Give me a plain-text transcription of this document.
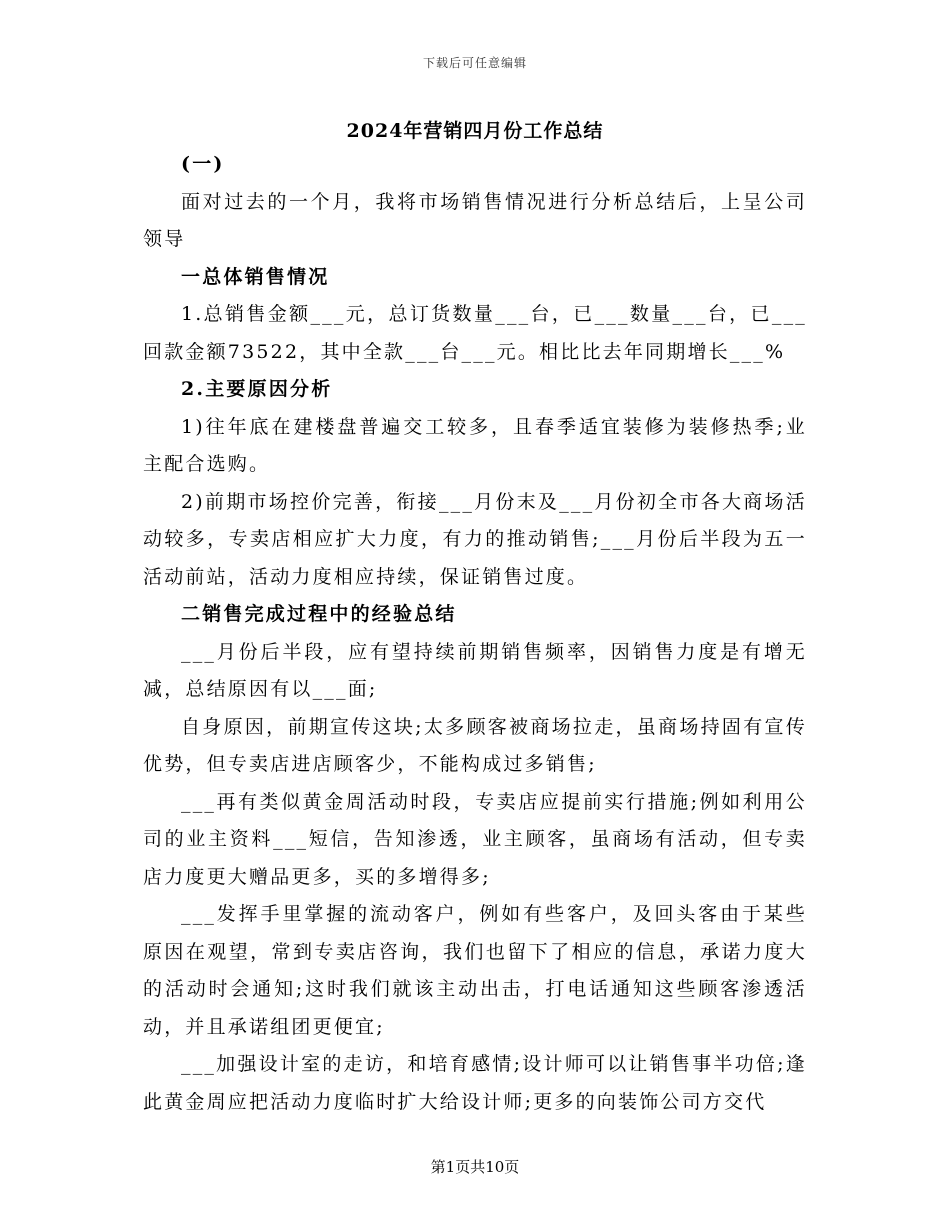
下载后可任意编辑
2024年营销四月份工作总结

(一)

面对过去的一个月，我将市场销售情况进行分析总结后，上呈公司领导

一总体销售情况

1.总销售金额___元，总订货数量___台，已___数量___台，已___回款金额73522，其中全款___台___元。相比比去年同期增长___%

2.主要原因分析

1)往年底在建楼盘普遍交工较多，且春季适宜装修为装修热季;业主配合选购。

2)前期市场控价完善，衔接___月份末及___月份初全市各大商场活动较多，专卖店相应扩大力度，有力的推动销售;___月份后半段为五一活动前站，活动力度相应持续，保证销售过度。

二销售完成过程中的经验总结

___月份后半段，应有望持续前期销售频率，因销售力度是有增无减，总结原因有以___面;

自身原因，前期宣传这块;太多顾客被商场拉走，虽商场持固有宣传优势，但专卖店进店顾客少，不能构成过多销售;

___再有类似黄金周活动时段，专卖店应提前实行措施;例如利用公司的业主资料___短信，告知渗透，业主顾客，虽商场有活动，但专卖店力度更大赠品更多，买的多增得多;

___发挥手里掌握的流动客户，例如有些客户，及回头客由于某些原因在观望，常到专卖店咨询，我们也留下了相应的信息，承诺力度大的活动时会通知;这时我们就该主动出击，打电话通知这些顾客渗透活动，并且承诺组团更便宜;

___加强设计室的走访，和培育感情;设计师可以让销售事半功倍;逢此黄金周应把活动力度临时扩大给设计师;更多的向装饰公司方交代

第1页共10页
